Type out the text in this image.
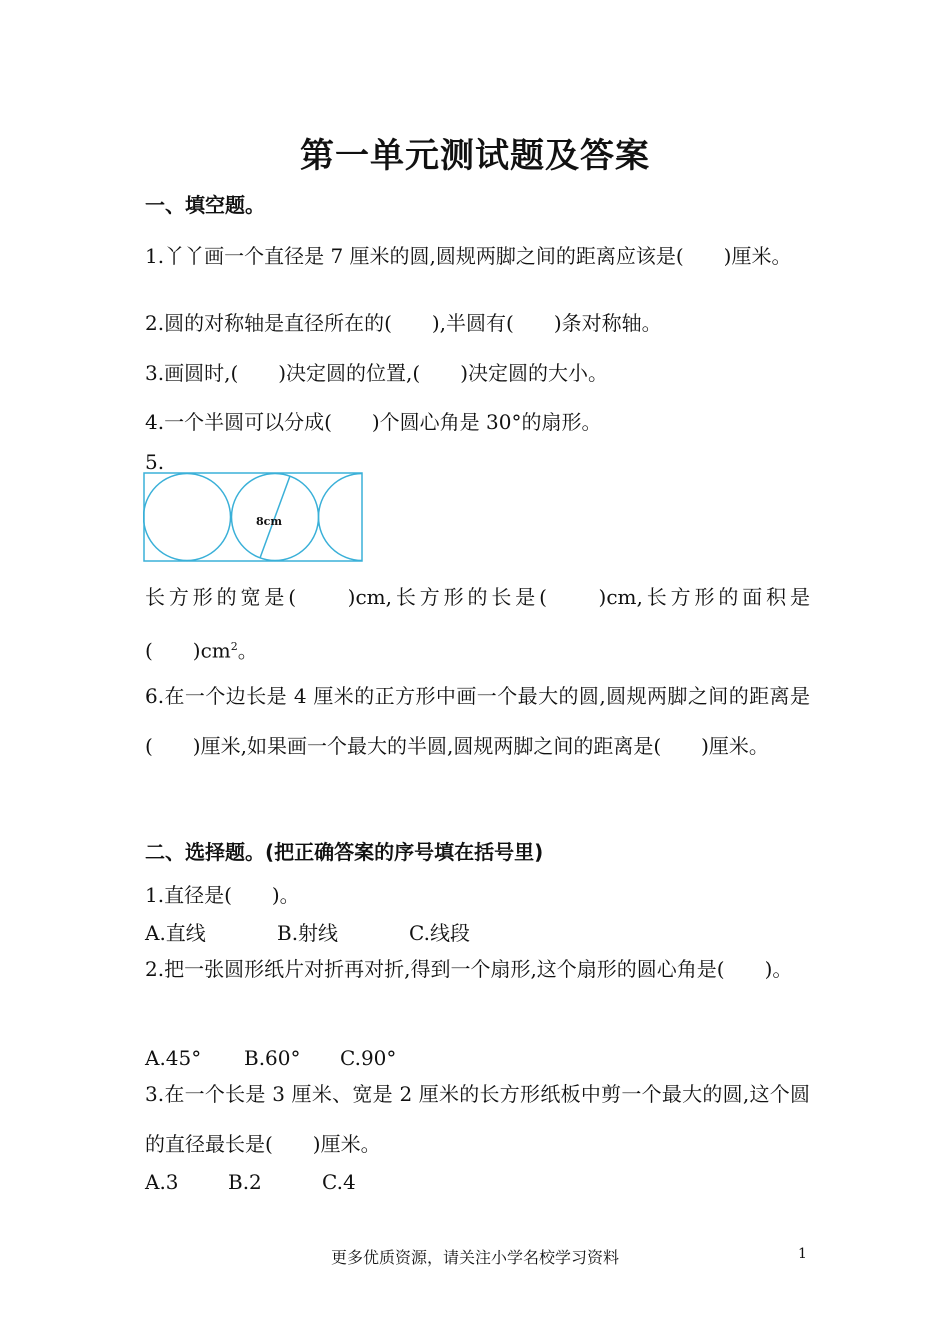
第一单元测试题及答案
一、填空题。
1.丫丫画一个直径是 7 厘米的圆,圆规两脚之间的距离应该是(　　)厘米。
2.圆的对称轴是直径所在的(　　),半圆有(　　)条对称轴。
3.画圆时,(　　)决定圆的位置,(　　)决定圆的大小。
4.一个半圆可以分成(　　)个圆心角是 30°的扇形。
5.
8cm
长方形的宽是(　　)cm,长方形的长是(　　)cm,长方形的面积是(　　)$cm^2$。
6.在一个边长是 4 厘米的正方形中画一个最大的圆,圆规两脚之间的距离是(　　)厘米,如果画一个最大的半圆,圆规两脚之间的距离是(　　)厘米。
二、选择题。(把正确答案的序号填在括号里)
1.直径是(　　)。
A.直线	B.射线	C.线段
2.把一张圆形纸片对折再对折,得到一个扇形,这个扇形的圆心角是(　　)。
A.45° B.60° C.90°
3.在一个长是 3 厘米、宽是 2 厘米的长方形纸板中剪一个最大的圆,这个圆的直径最长是(　　)厘米。
A.3 B.2	C.4
更多优质资源，请关注小学名校学习资料	1
